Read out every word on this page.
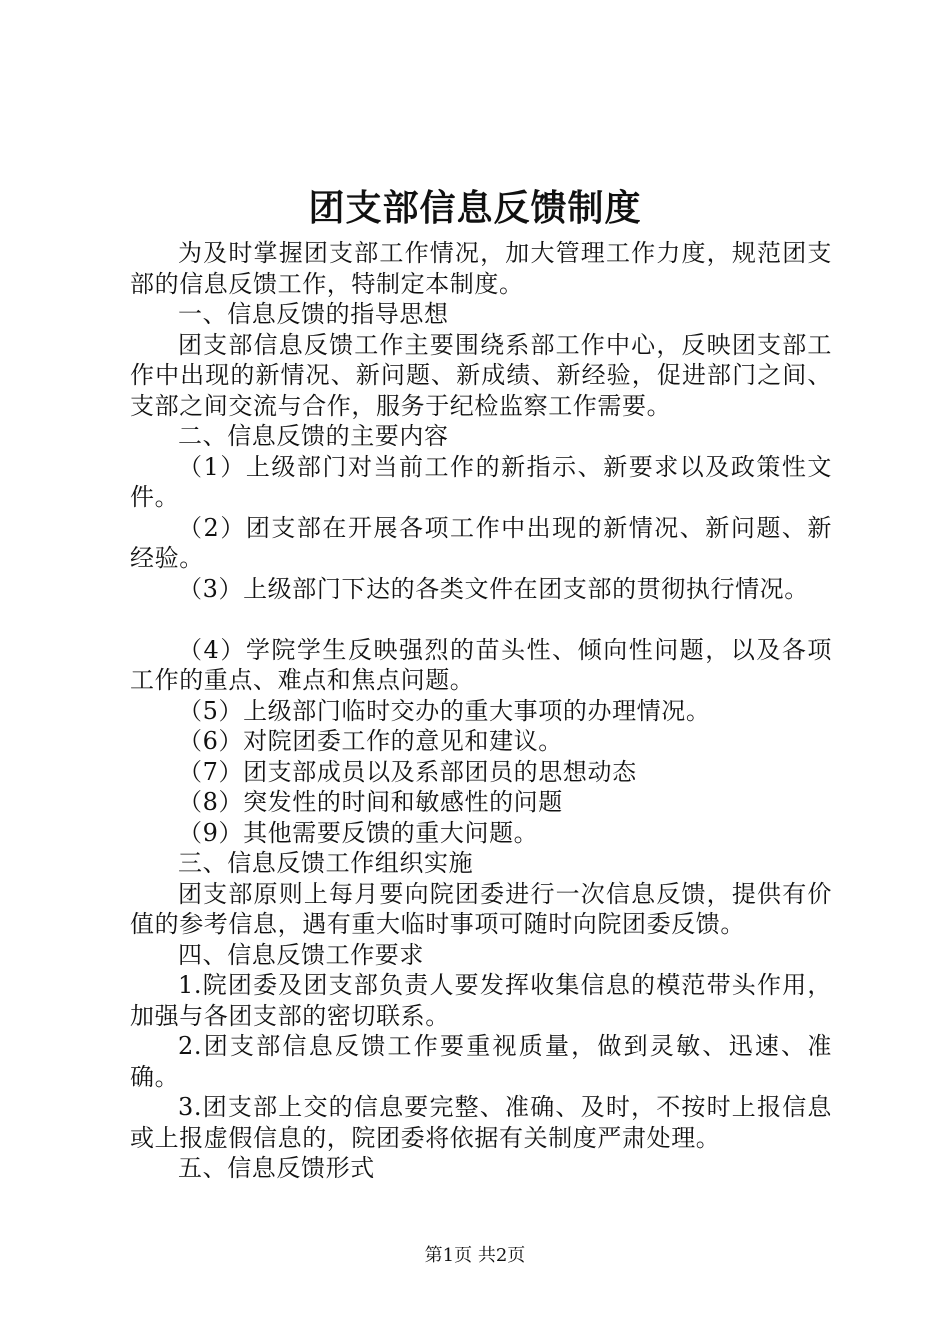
团支部信息反馈制度

为及时掌握团支部工作情况，加大管理工作力度，规范团支部的信息反馈工作，特制定本制度。

一、信息反馈的指导思想

团支部信息反馈工作主要围绕系部工作中心，反映团支部工作中出现的新情况、新问题、新成绩、新经验，促进部门之间、支部之间交流与合作，服务于纪检监察工作需要。

二、信息反馈的主要内容

（1）上级部门对当前工作的新指示、新要求以及政策性文件。

（2）团支部在开展各项工作中出现的新情况、新问题、新经验。

（3）上级部门下达的各类文件在团支部的贯彻执行情况。

（4）学院学生反映强烈的苗头性、倾向性问题，以及各项工作的重点、难点和焦点问题。

（5）上级部门临时交办的重大事项的办理情况。

（6）对院团委工作的意见和建议。

（7）团支部成员以及系部团员的思想动态

（8）突发性的时间和敏感性的问题

（9）其他需要反馈的重大问题。

三、信息反馈工作组织实施

团支部原则上每月要向院团委进行一次信息反馈，提供有价值的参考信息，遇有重大临时事项可随时向院团委反馈。

四、信息反馈工作要求

1.院团委及团支部负责人要发挥收集信息的模范带头作用，加强与各团支部的密切联系。

2.团支部信息反馈工作要重视质量，做到灵敏、迅速、准确。

3.团支部上交的信息要完整、准确、及时，不按时上报信息或上报虚假信息的，院团委将依据有关制度严肃处理。

五、信息反馈形式

第1页 共2页
